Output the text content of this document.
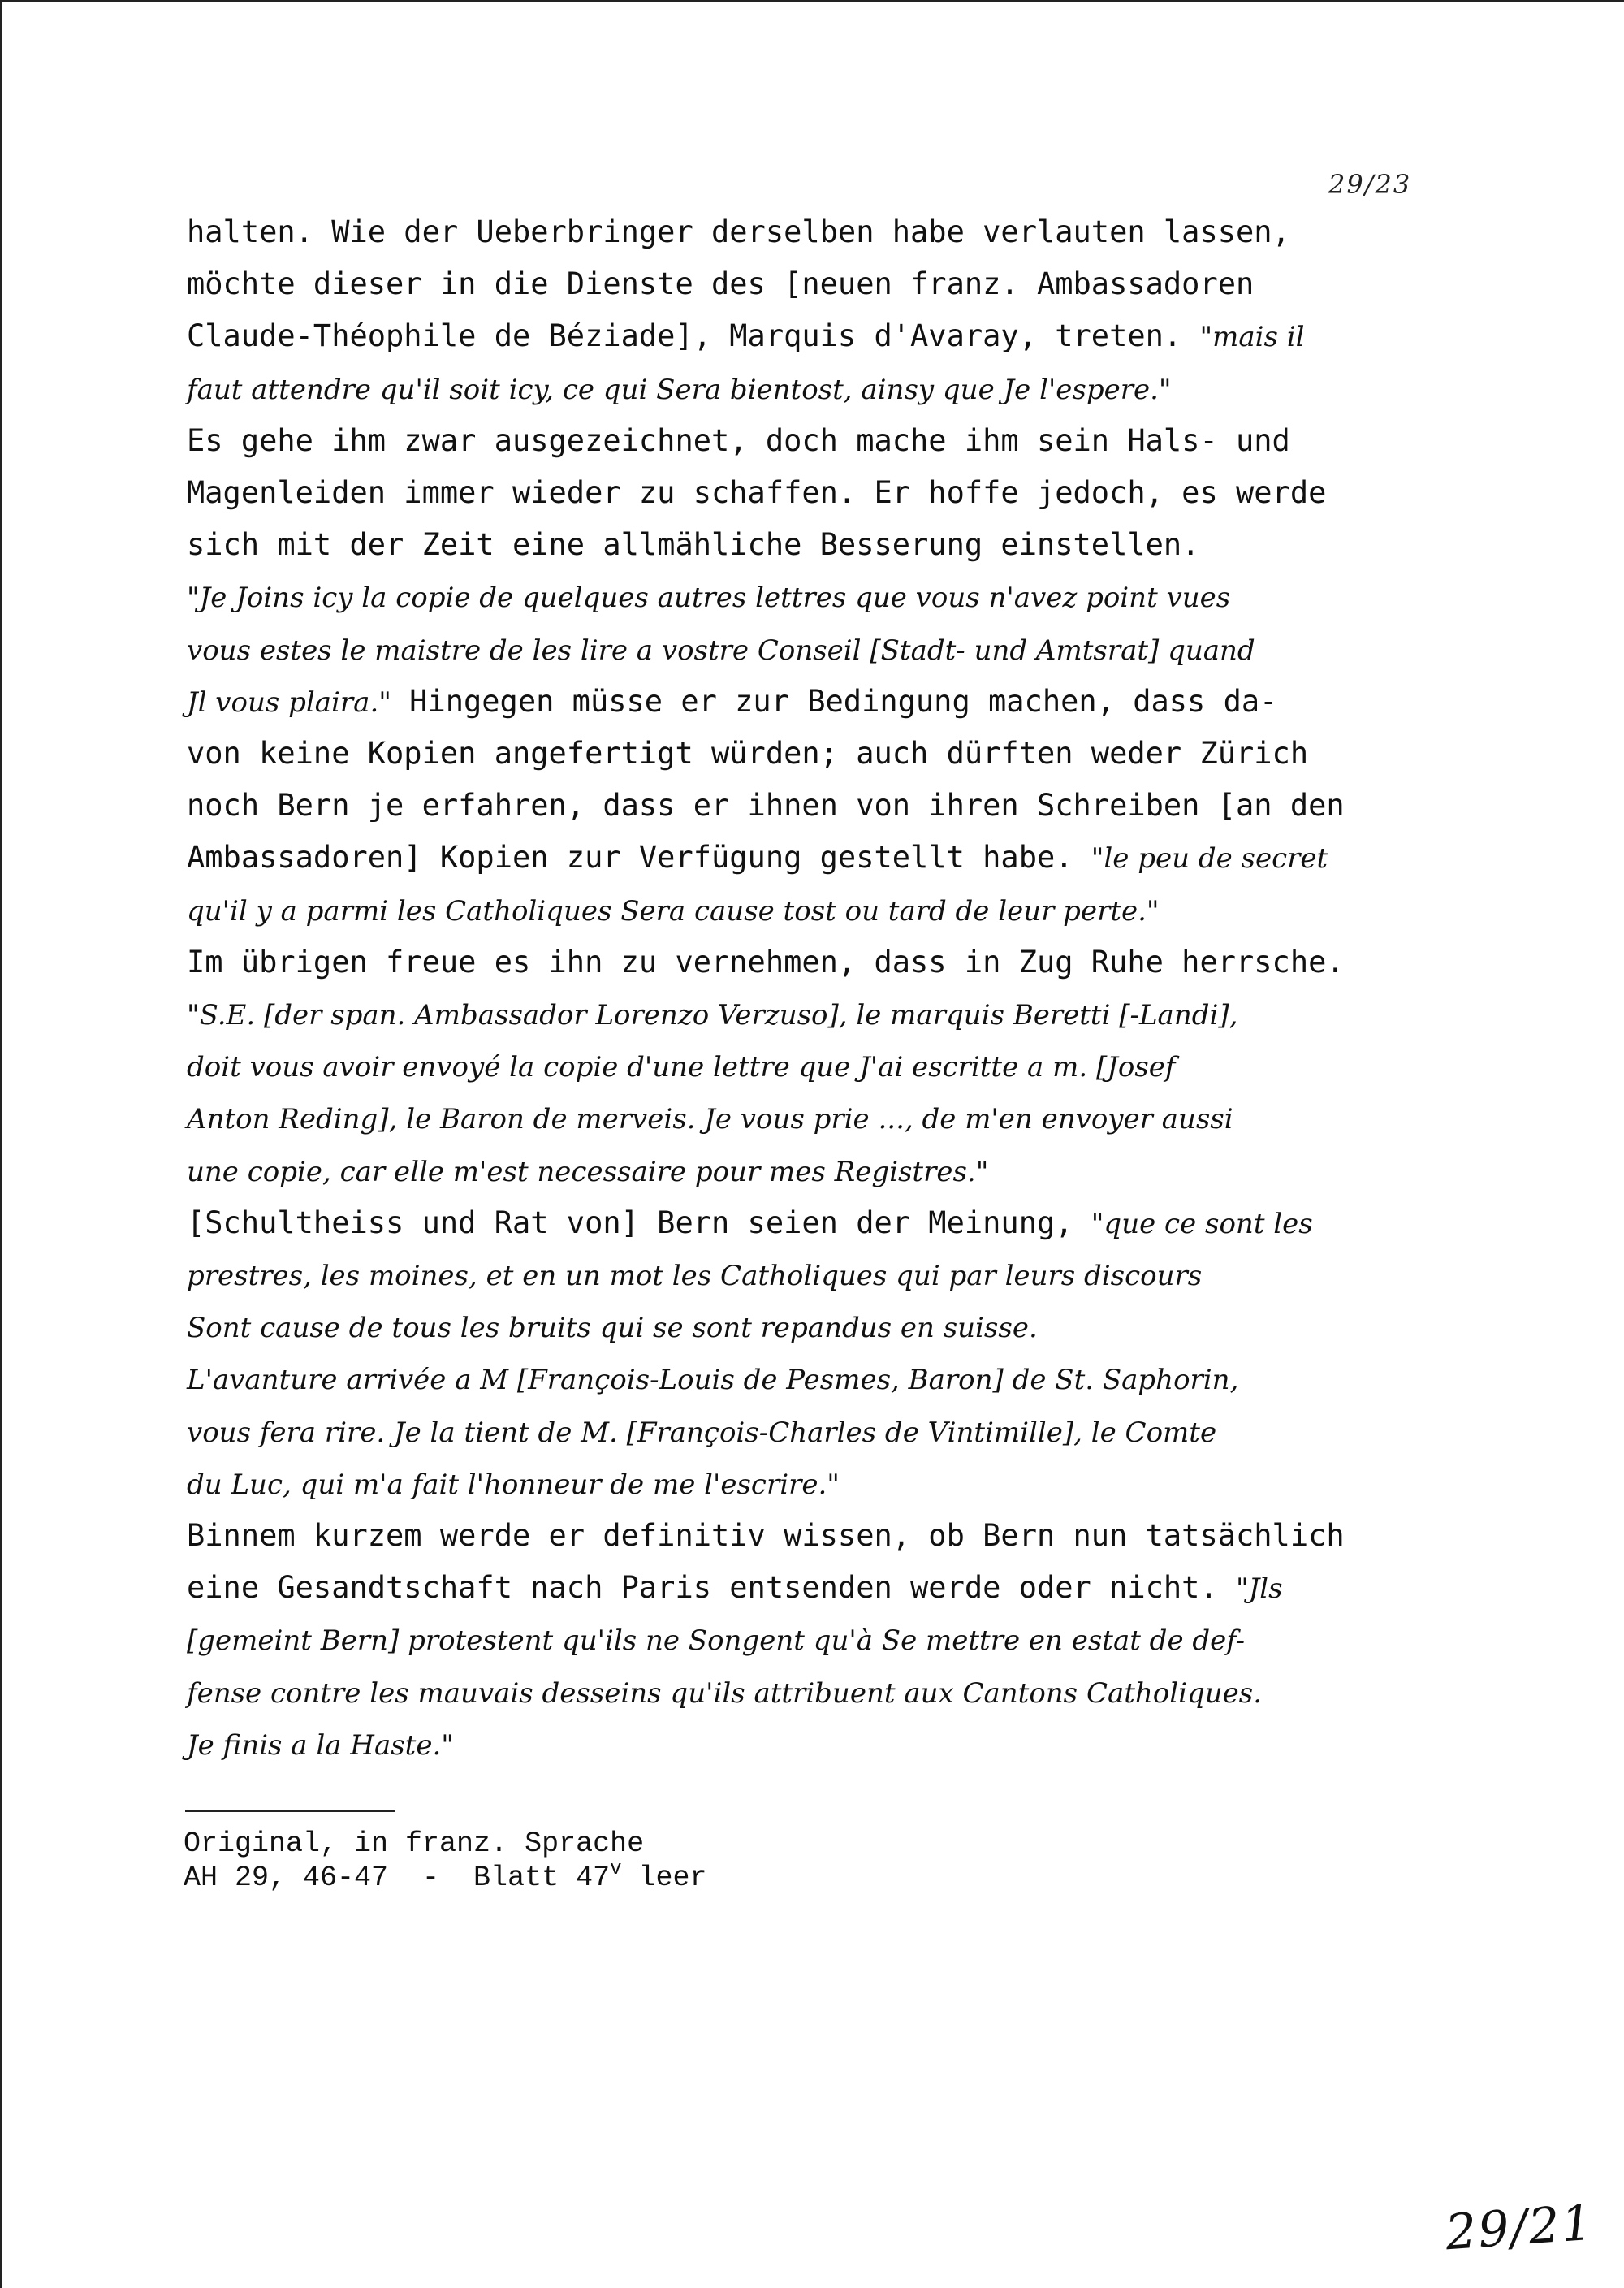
29/23
halten. Wie der Ueberbringer derselben habe verlauten lassen,
möchte dieser in die Dienste des [neuen franz. Ambassadoren
Claude-Théophile de Béziade], Marquis d'Avaray, treten. "mais il
faut attendre qu'il soit icy, ce qui Sera bientost, ainsy que Je l'espere."
Es gehe ihm zwar ausgezeichnet, doch mache ihm sein Hals- und
Magenleiden immer wieder zu schaffen. Er hoffe jedoch, es werde
sich mit der Zeit eine allmähliche Besserung einstellen.
"Je Joins icy la copie de quelques autres lettres que vous n'avez point vues
vous estes le maistre de les lire a vostre Conseil [Stadt- und Amtsrat] quand
Jl vous plaira." Hingegen müsse er zur Bedingung machen, dass da-
von keine Kopien angefertigt würden; auch dürften weder Zürich
noch Bern je erfahren, dass er ihnen von ihren Schreiben [an den
Ambassadoren] Kopien zur Verfügung gestellt habe. "le peu de secret
qu'il y a parmi les Catholiques Sera cause tost ou tard de leur perte."
Im übrigen freue es ihn zu vernehmen, dass in Zug Ruhe herrsche.
"S.E. [der span. Ambassador Lorenzo Verzuso], le marquis Beretti [-Landi],
doit vous avoir envoyé la copie d'une lettre que J'ai escritte a m. [Josef
Anton Reding], le Baron de merveis. Je vous prie ..., de m'en envoyer aussi
une copie, car elle m'est necessaire pour mes Registres."
[Schultheiss und Rat von] Bern seien der Meinung, "que ce sont les
prestres, les moines, et en un mot les Catholiques qui par leurs discours
Sont cause de tous les bruits qui se sont repandus en suisse.
L'avanture arrivée a M [François-Louis de Pesmes, Baron] de St. Saphorin,
vous fera rire. Je la tient de M. [François-Charles de Vintimille], le Comte
du Luc, qui m'a fait l'honneur de me l'escrire."
Binnem kurzem werde er definitiv wissen, ob Bern nun tatsächlich
eine Gesandtschaft nach Paris entsenden werde oder nicht. "Jls
[gemeint Bern] protestent qu'ils ne Songent qu'à Se mettre en estat de def-
fense contre les mauvais desseins qu'ils attribuent aux Cantons Catholiques.
Je finis a la Haste."
Original, in franz. Sprache
AH 29, 46-47  -  Blatt 47$^v$ leer
29/21
